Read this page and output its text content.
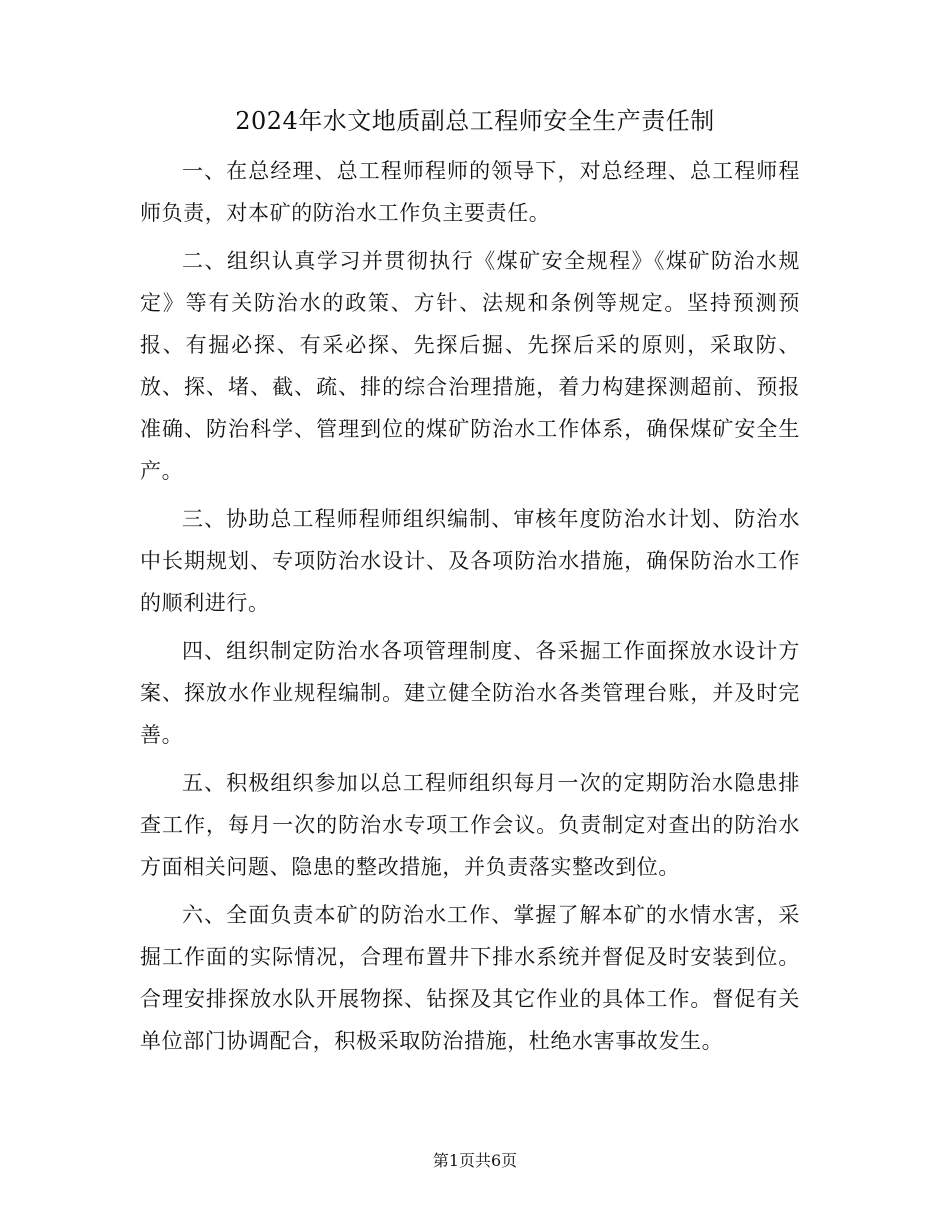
2024年水文地质副总工程师安全生产责任制

一、在总经理、总工程师程师的领导下，对总经理、总工程师程师负责，对本矿的防治水工作负主要责任。

二、组织认真学习并贯彻执行《煤矿安全规程》《煤矿防治水规定》等有关防治水的政策、方针、法规和条例等规定。坚持预测预报、有掘必探、有采必探、先探后掘、先探后采的原则，采取防、放、探、堵、截、疏、排的综合治理措施，着力构建探测超前、预报准确、防治科学、管理到位的煤矿防治水工作体系，确保煤矿安全生产。

三、协助总工程师程师组织编制、审核年度防治水计划、防治水中长期规划、专项防治水设计、及各项防治水措施，确保防治水工作的顺利进行。

四、组织制定防治水各项管理制度、各采掘工作面探放水设计方案、探放水作业规程编制。建立健全防治水各类管理台账，并及时完善。

五、积极组织参加以总工程师组织每月一次的定期防治水隐患排查工作，每月一次的防治水专项工作会议。负责制定对查出的防治水方面相关问题、隐患的整改措施，并负责落实整改到位。

六、全面负责本矿的防治水工作、掌握了解本矿的水情水害，采掘工作面的实际情况，合理布置井下排水系统并督促及时安装到位。合理安排探放水队开展物探、钻探及其它作业的具体工作。督促有关单位部门协调配合，积极采取防治措施，杜绝水害事故发生。

第1页共6页
